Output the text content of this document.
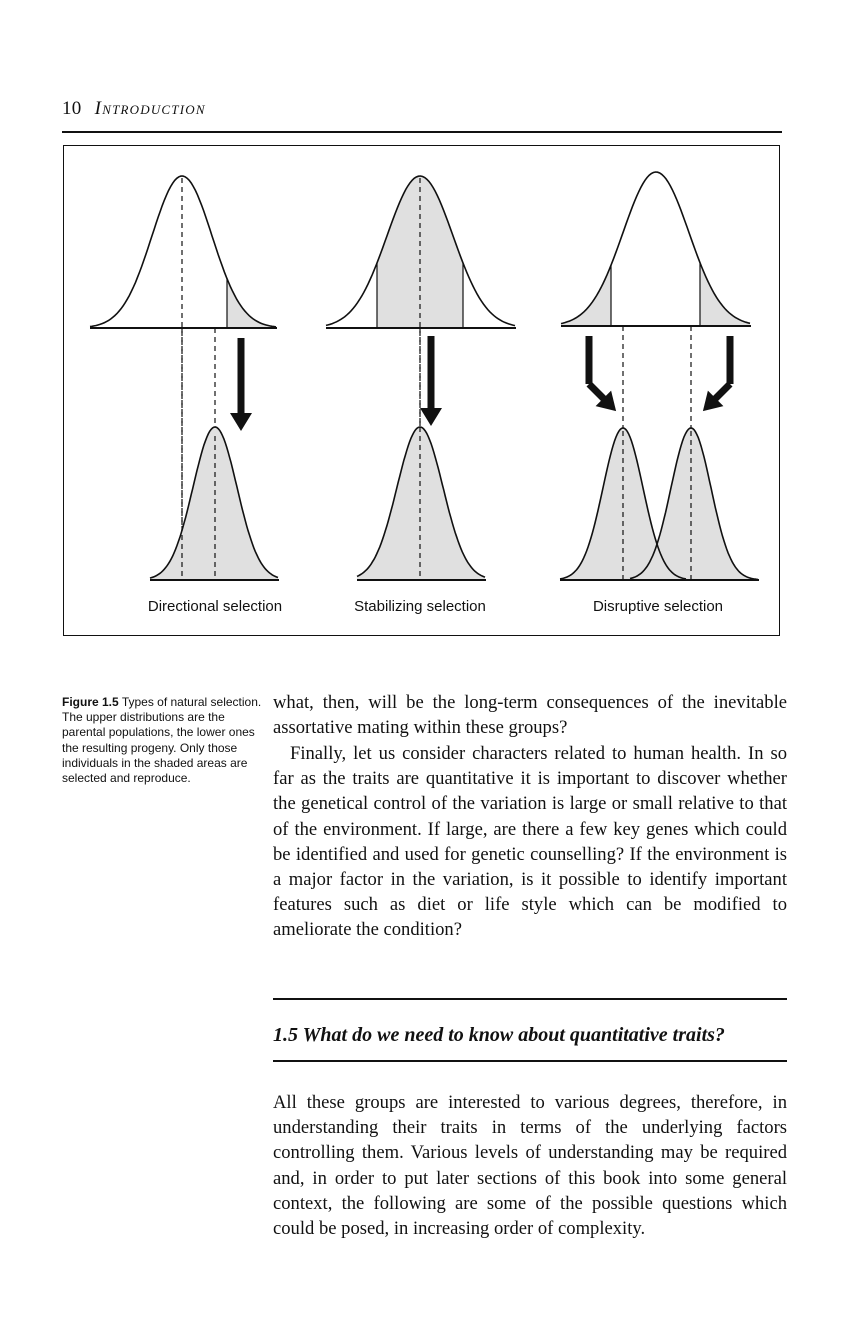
10 Introduction
Directional selection	Stabilizing selection	Disruptive selection
Figure 1.5 Types of natural selection. The upper distributions are the parental populations, the lower ones the resulting progeny. Only those individuals in the shaded areas are selected and reproduce.

what, then, will be the long-term consequences of the inevitable assortative mating within these groups?

Finally, let us consider characters related to human health. In so far as the traits are quantitative it is important to discover whether the genetical control of the variation is large or small relative to that of the environment. If large, are there a few key genes which could be identified and used for genetic counselling? If the environment is a major factor in the variation, is it possible to identify important features such as diet or life style which can be modified to ameliorate the condition?

1.5 What do we need to know about quantitative traits?

All these groups are interested to various degrees, therefore, in understanding their traits in terms of the underlying factors controlling them. Various levels of understanding may be required and, in order to put later sections of this book into some general context, the following are some of the possible questions which could be posed, in increasing order of complexity.
